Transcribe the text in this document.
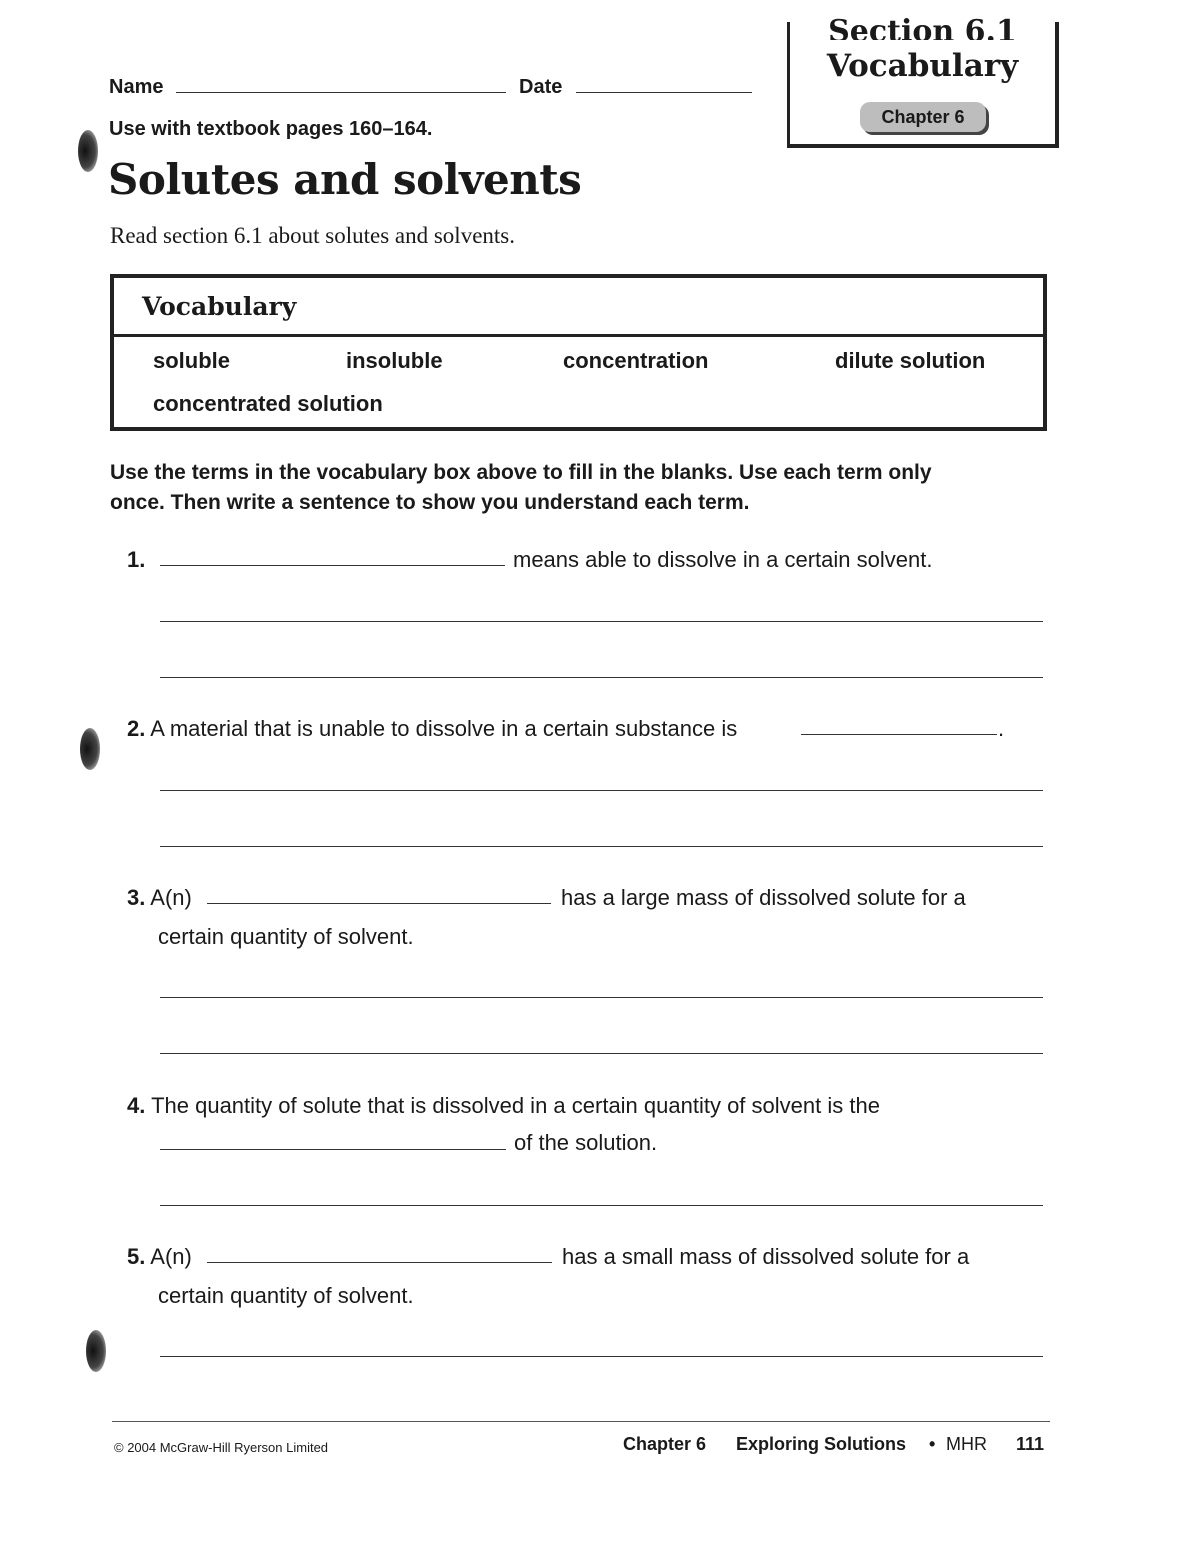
Section 6.1
Vocabulary
Chapter 6
Name	Date
Use with textbook pages 160–164.
Solutes and solvents
Read section 6.1 about solutes and solvents.
Vocabulary
soluble	insoluble	concentration	dilute solution
concentrated solution
Use the terms in the vocabulary box above to fill in the blanks. Use each term only once. Then write a sentence to show you understand each term.
1.	means able to dissolve in a certain solvent.
2. A material that is unable to dissolve in a certain substance is	.
3. A(n)	has a large mass of dissolved solute for a
certain quantity of solvent.
4. The quantity of solute that is dissolved in a certain quantity of solvent is the
of the solution.
5. A(n)	has a small mass of dissolved solute for a
certain quantity of solvent.
© 2004 McGraw-Hill Ryerson Limited	Chapter 6 Exploring Solutions • MHR 111
